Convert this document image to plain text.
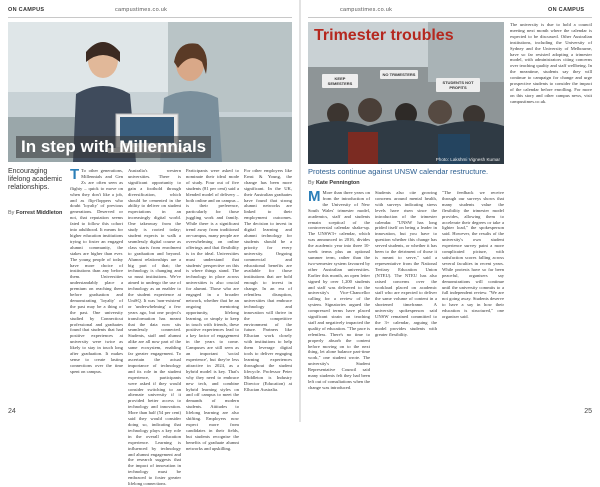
ON CAMPUS	campustimes.co.uk
In step with Millennials
Encouraging lifelong academic relationships.
By Forrest Middleton

T To other generations, Millennials and Gen Zs are often seen as flighty – quick to move on when they don't like a job, and as flip-floppers who doubt 'loyalty' of previous generations. Deserved or not, that reputation seems fated to follow this cohort into adulthood. It means for higher education institutions trying to foster an engaged alumni community, the stakes are higher than ever. The young people of today have more choice of institutions than any before them. Universities understandably place a premium on reaching them before graduation and demonstrating 'loyalty' of the past may be a thing of the past. One university studied by Connecticut professional and graduates found that students that had positive experiences at university were twice as likely to stay in touch long after graduation. It makes sense to create lasting connections over the time spent on campus.

Australia's western universities. There is significant opportunity to gain a foothold through diversification, which should be cemented in the ability to deliver on student expectations in an increasingly digital world. One takeaway from the study is rooted today; student expects to walk a seamlessly digital course as class starts from enrolment to graduation and beyond. Alumni relationships are a big part of that; the technology is changing and so must institutions. We've aimed to undergo the use of technology as an enabler to the student experience at UniSQ. It was 'non-existent' or 'underwhelming' a few years ago, but one project's transformation has meant that the data now sits seamlessly connected. Students, staff and alumni alike are all now part of the same ecosystem, enabling far greater engagement. To ascertain the actual importance of technology and its role in the student experience, participants were asked if they would consider switching to an alternate university if it provided better access to technology and innovation. More than half (54 per cent) said they would consider doing so, indicating that technology plays a key role in the overall education experience. Learning is influenced by technology and alumni engagement and the research suggests that the impact of innovation in technology must be embraced to foster greater lifelong connections.

Participants were asked to nominate their ideal mode of study. Four out of five students (81 per cent) said a blended model of delivery – both online and on campus – is their preference, particularly for those juggling work and family. While there is a significant trend away from traditional on-campus, many people are overwhelming on online offerings and that flexibility is in the ideal. Universities must understand that students' perspective on this is where things stand. The technology in place across universities is also crucial for alumni. Those who are engaged in a broader network, whether that be an ongoing mentoring opportunity, lifelong learning, or simply to keep in touch with friends, these positive experiences lead to a key factor of engagement in the years to come. Campuses are still seen as an important 'social experience', but they're less attractive in 2024, as a hybrid model is key. That's why they need to embrace new tech, and combine hybrid learning styles on and off campus to meet the demands of modern students. Attitudes to lifelong learning are also shifting. Employers now expect more from candidates in their fields, but students recognise the benefits of graduate alumni networks and upskilling.

For other employers like Ernst & Young, the change has been more significant. In the UK, their Australian graduates have found that strong alumni networks are linked to their employment outcomes. The decision to invest in digital learning and alumni technology for students should be a priority for every university. Ongoing commercial and educational benefits are available for those institutions that are bold enough to invest in change. In an era of relentless disruption, universities that embrace technology and innovation will thrive in the competitive environment of the future. Partners like Ellucian work closely with institutions to help them leverage digital tools to deliver engaging learning experiences throughout the student lifecycle. Professor Peter Middleton is Industry Director (Education) at Ellucian Australia.

24
campustimes.co.uk	ON CAMPUS
KEEP SEMESTERS
NO TRIMESTERS
STUDENTS NOT PROFITS
Trimester troubles
Photo: Lakshmi Vignesh Kumar
Protests continue against UNSW calendar restructure.
By Kate Pennington

M More than three years on from the introduction of the University of New South Wales' trimester model, academics, staff and students remain sceptical of the controversial calendar shake-up. The UNSW3+ calendar, which was announced in 2016, divides the academic year into three 10-week terms plus an optional summer term, rather than the two-semester system favoured by other Australian universities. Earlier this month, an open letter signed by over 1,200 students and staff was delivered to the university's Vice-Chancellor calling for a review of the system. Signatories argued the compressed terms have placed significant strain on teaching staff and negatively impacted the quality of education. "The pace is relentless. There's no time to properly absorb the content before moving on to the next thing, let alone balance part-time work," one student wrote. The university's Student Representative Council said many students felt they had been left out of consultations when the change was introduced.

Students also cite growing concerns around mental health, with surveys indicating stress levels have risen since the introduction of the trimester calendar. "UNSW has long prided itself on being a leader in innovation, but you have to question whether this change has served students, or whether it has been to the detriment of those it is meant to serve," said a representative from the National Tertiary Education Union (NTEU). The NTEU has also raised concerns over the workload placed on academic staff who are expected to deliver the same volume of content in a shortened timeframe. A university spokesperson said UNSW remained committed to the 3+ calendar, arguing the model provides students with greater flexibility.

"The feedback we receive through our surveys shows that many students value the flexibility the trimester model provides, allowing them to accelerate their degrees or take a lighter load," the spokesperson said. However, the results of the university's own student experience survey paint a more complicated picture, with satisfaction scores falling across several faculties in recent years. While protests have so far been peaceful, organisers say demonstrations will continue until the university commits to a full independent review. "We are not going away. Students deserve to have a say in how their education is structured," one organiser said.

The university is due to hold a council meeting next month where the calendar is expected to be discussed. Other Australian institutions, including the University of Sydney and the University of Melbourne, have so far resisted adopting a trimester model, with administrators citing concerns over teaching quality and staff wellbeing. In the meantime, students say they will continue to campaign for change and urge prospective students to consider the impact of the calendar before enrolling. For more on this story and other campus news, visit campustimes.co.uk.

25
